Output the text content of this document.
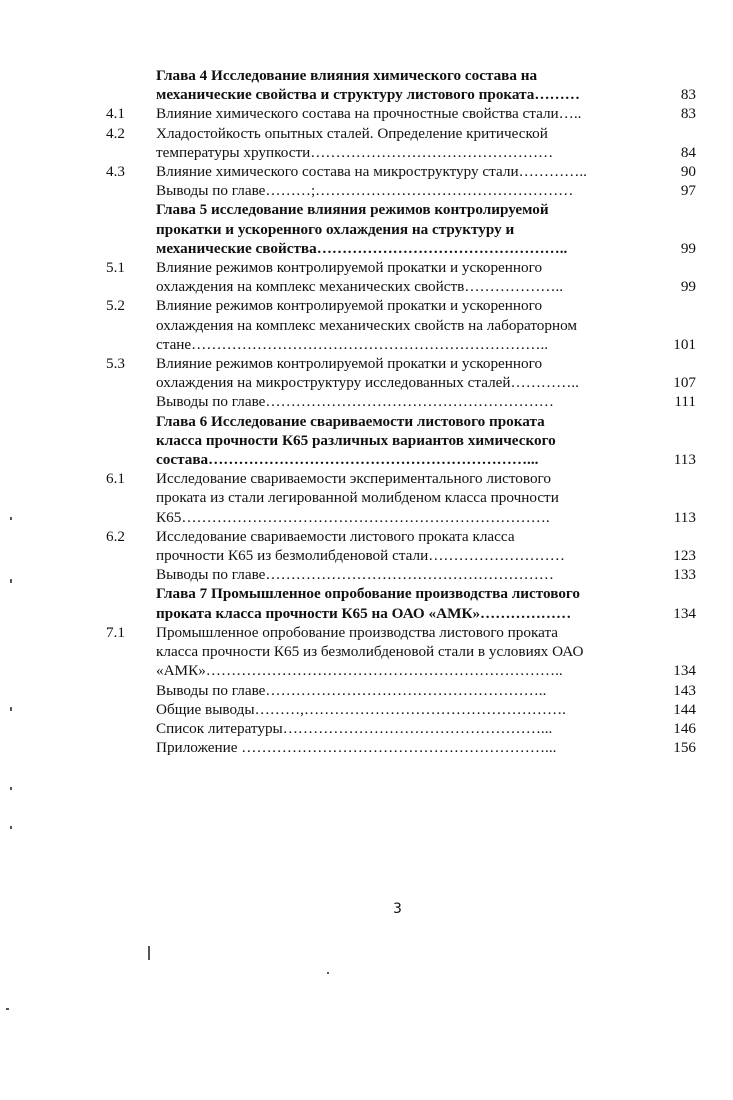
Глава 4 Исследование влияния химического состава на
механические свойства и структуру листового проката………	83
4.1	Влияние химического состава на прочностные свойства стали…..	83
4.2	Хладостойкость опытных сталей. Определение критической
температуры хрупкости…………………………………………	84
4.3	Влияние химического состава на микроструктуру стали…………..	90
Выводы по главе………;……………………………………………	97
Глава 5 исследование влияния режимов контролируемой
прокатки и ускоренного охлаждения на структуру и
механические свойства…………………………………………..	99
5.1	Влияние режимов контролируемой прокатки и ускоренного
охлаждения на комплекс механических свойств………………..	99
5.2	Влияние режимов контролируемой прокатки и ускоренного
охлаждения на комплекс механических свойств на лабораторном
стане……………………………………………………………..	101
5.3	Влияние режимов контролируемой прокатки и ускоренного
охлаждения на микроструктуру исследованных сталей…………..	107
Выводы по главе…………………………………………………	111
Глава 6 Исследование свариваемости листового проката
класса прочности К65 различных вариантов химического
состава………………………………………………………...	113
6.1	Исследование свариваемости экспериментального листового
проката из стали легированной молибденом класса прочности
К65……………………………………………………………….	113
6.2	Исследование свариваемости листового проката класса
прочности К65 из безмолибденовой стали………………………	123
Выводы по главе…………………………………………………	133
Глава 7 Промышленное опробование производства листового
проката класса прочности К65 на ОАО «АМК»………………	134
7.1	Промышленное опробование производства листового проката
класса прочности К65 из безмолибденовой стали в условиях ОАО
«АМК»……………………………………………………………..	134
Выводы по главе………………………………………………..	143
Общие выводы………,…………………………………………….	144
Список литературы……………………………………………...	146
Приложение ……………………………………………………...	156
3
